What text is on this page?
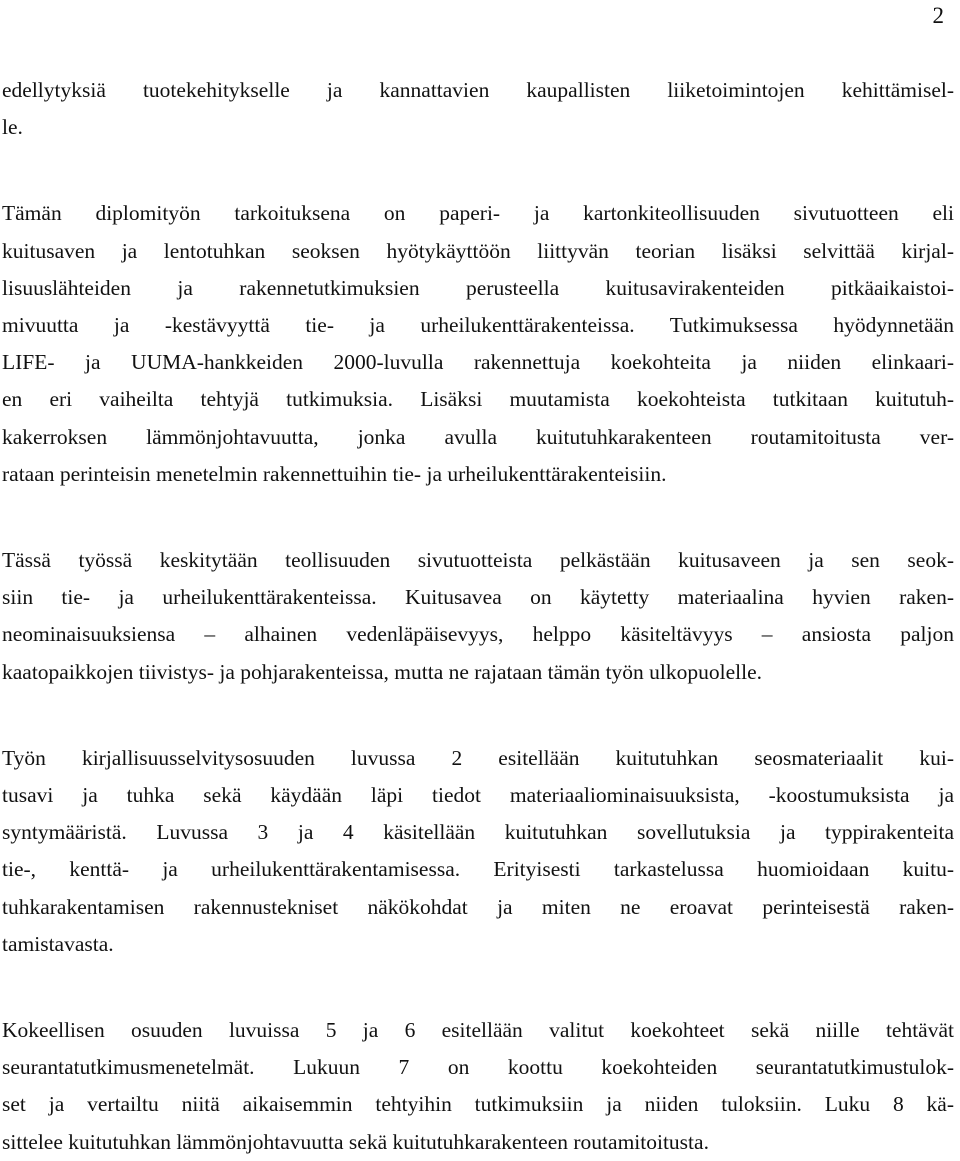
2

edellytyksiä tuotekehitykselle ja kannattavien kaupallisten liiketoimintojen kehittämisel-
le.

Tämän diplomityön tarkoituksena on paperi- ja kartonkiteollisuuden sivutuotteen eli
kuitusaven ja lentotuhkan seoksen hyötykäyttöön liittyvän teorian lisäksi selvittää kirjal-
lisuuslähteiden ja rakennetutkimuksien perusteella kuitusavirakenteiden pitkäaikaistoi-
mivuutta ja -kestävyyttä tie- ja urheilukenttärakenteissa. Tutkimuksessa hyödynnetään
LIFE- ja UUMA-hankkeiden 2000-luvulla rakennettuja koekohteita ja niiden elinkaari-
en eri vaiheilta tehtyjä tutkimuksia. Lisäksi muutamista koekohteista tutkitaan kuitutuh-
kakerroksen lämmönjohtavuutta, jonka avulla kuitutuhkarakenteen routamitoitusta ver-
rataan perinteisin menetelmin rakennettuihin tie- ja urheilukenttärakenteisiin.

Tässä työssä keskitytään teollisuuden sivutuotteista pelkästään kuitusaveen ja sen seok-
siin tie- ja urheilukenttärakenteissa. Kuitusavea on käytetty materiaalina hyvien raken-
neominaisuuksiensa – alhainen vedenläpäisevyys, helppo käsiteltävyys – ansiosta paljon
kaatopaikkojen tiivistys- ja pohjarakenteissa, mutta ne rajataan tämän työn ulkopuolelle.

Työn kirjallisuusselvitysosuuden luvussa 2 esitellään kuitutuhkan seosmateriaalit kui-
tusavi ja tuhka sekä käydään läpi tiedot materiaaliominaisuuksista, -koostumuksista ja
syntymääristä. Luvussa 3 ja 4 käsitellään kuitutuhkan sovellutuksia ja typpirakenteita
tie-, kenttä- ja urheilukenttärakentamisessa. Erityisesti tarkastelussa huomioidaan kuitu-
tuhkarakentamisen rakennustekniset näkökohdat ja miten ne eroavat perinteisestä raken-
tamistavasta.

Kokeellisen osuuden luvuissa 5 ja 6 esitellään valitut koekohteet sekä niille tehtävät
seurantatutkimusmenetelmät. Lukuun 7 on koottu koekohteiden seurantatutkimustulok-
set ja vertailtu niitä aikaisemmin tehtyihin tutkimuksiin ja niiden tuloksiin. Luku 8 kä-
sittelee kuitutuhkan lämmönjohtavuutta sekä kuitutuhkarakenteen routamitoitusta.
